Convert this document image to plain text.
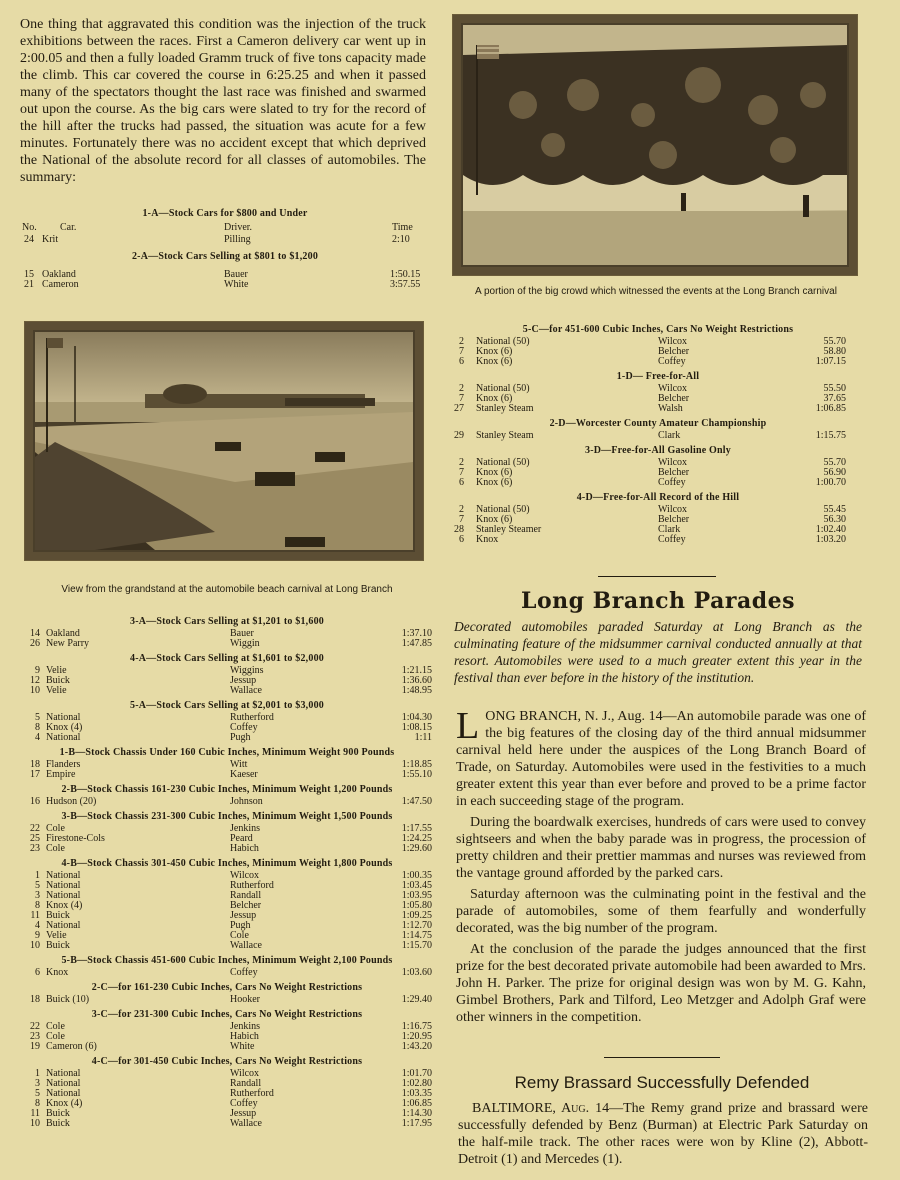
One thing that aggravated this condition was the injection of the truck exhibitions between the races. First a Cameron delivery car went up in 2:00.05 and then a fully loaded Gramm truck of five tons capacity made the climb. This car covered the course in 6:25.25 and when it passed many of the spectators thought the last race was finished and swarmed out upon the course. As the big cars were slated to try for the record of the hill after the trucks had passed, the situation was acute for a few minutes. Fortunately there was no accident except that which deprived the National of the absolute record for all classes of automobiles. The summary:

1-A—Stock Cars for $800 and Under
No. Car.	Driver.	Time
24 Krit	Pilling	2:10
2-A—Stock Cars Selling at $801 to $1,200
15 Oakland	Bauer	1:50.15
21 Cameron	White	3:57.55
View from the grandstand at the automobile beach carnival at Long Branch
3-A—Stock Cars Selling at $1,201 to $1,600
14 Oakland	Bauer	1:37.10
26 New Parry	Wiggin	1:47.85
4-A—Stock Cars Selling at $1,601 to $2,000
9 Velie	Wiggins	1:21.15
12 Buick	Jessup	1:36.60
10 Velie	Wallace	1:48.95
5-A—Stock Cars Selling at $2,001 to $3,000
5 National	Rutherford	1:04.30
8 Knox (4)	Coffey	1:08.15
4 National	Pugh	1:11
1-B—Stock Chassis Under 160 Cubic Inches, Minimum Weight 900 Pounds
18 Flanders	Witt	1:18.85
17 Empire	Kaeser	1:55.10
2-B—Stock Chassis 161-230 Cubic Inches, Minimum Weight 1,200 Pounds
16 Hudson (20)	Johnson	1:47.50
3-B—Stock Chassis 231-300 Cubic Inches, Minimum Weight 1,500 Pounds
22 Cole	Jenkins	1:17.55
25 Firestone-Cols	Peard	1:24.25
23 Cole	Habich	1:29.60
4-B—Stock Chassis 301-450 Cubic Inches, Minimum Weight 1,800 Pounds
1 National	Wilcox	1:00.35
5 National	Rutherford	1:03.45
3 National	Randall	1:03.95
8 Knox (4)	Belcher	1:05.80
11 Buick	Jessup	1:09.25
4 National	Pugh	1:12.70
9 Velie	Cole	1:14.75
10 Buick	Wallace	1:15.70
5-B—Stock Chassis 451-600 Cubic Inches, Minimum Weight 2,100 Pounds
6 Knox	Coffey	1:03.60
2-C—for 161-230 Cubic Inches, Cars No Weight Restrictions
18 Buick (10)	Hooker	1:29.40
3-C—for 231-300 Cubic Inches, Cars No Weight Restrictions
22 Cole	Jenkins	1:16.75
23 Cole	Habich	1:20.95
19 Cameron (6)	White	1:43.20
4-C—for 301-450 Cubic Inches, Cars No Weight Restrictions
1 National	Wilcox	1:01.70
3 National	Randall	1:02.80
5 National	Rutherford	1:03.35
8 Knox (4)	Coffey	1:06.85
11 Buick	Jessup	1:14.30
10 Buick	Wallace	1:17.95
A portion of the big crowd which witnessed the events at the Long Branch carnival
5-C—for 451-600 Cubic Inches, Cars No Weight Restrictions
2 National (50)	Wilcox	55.70
7 Knox (6)	Belcher	58.80
6 Knox (6)	Coffey	1:07.15
1-D— Free-for-All
2 National (50)	Wilcox	55.50
7 Knox (6)	Belcher	37.65
27 Stanley Steam	Walsh	1:06.85
2-D—Worcester County Amateur Championship
29 Stanley Steam	Clark	1:15.75
3-D—Free-for-All Gasoline Only
2 National (50)	Wilcox	55.70
7 Knox (6)	Belcher	56.90
6 Knox (6)	Coffey	1:00.70
4-D—Free-for-All Record of the Hill
2 National (50)	Wilcox	55.45
7 Knox (6)	Belcher	56.30
28 Stanley Steamer	Clark	1:02.40
6 Knox	Coffey	1:03.20
Long Branch Parades
Decorated automobiles paraded Saturday at Long Branch as the culminating feature of the midsummer carnival conducted annually at that resort. Automobiles were used to a much greater extent this year in the festival than ever before in the history of the institution.

L ONG BRANCH, N. J., Aug. 14—An automobile parade was one of the big features of the closing day of the third annual midsummer carnival held here under the auspices of the Long Branch Board of Trade, on Saturday. Automobiles were used in the festivities to a much greater extent this year than ever before and proved to be a prime factor in each succeeding stage of the program.

During the boardwalk exercises, hundreds of cars were used to convey sightseers and when the baby parade was in progress, the procession of pretty children and their prettier mammas and nurses was reviewed from the vantage ground afforded by the parked cars.

Saturday afternoon was the culminating point in the festival and the parade of automobiles, some of them fearfully and wonderfully decorated, was the big number of the program.

At the conclusion of the parade the judges announced that the first prize for the best decorated private automobile had been awarded to Mrs. John H. Parker. The prize for original design was won by M. G. Kahn, Gimbel Brothers, Park and Tilford, Leo Metzger and Adolph Graf were other winners in the competition.

Remy Brassard Successfully Defended

BALTIMORE, Aug. 14—The Remy grand prize and brassard were successfully defended by Benz (Burman) at Electric Park Saturday on the half-mile track. The other races were won by Kline (2), Abbott-Detroit (1) and Mercedes (1).
